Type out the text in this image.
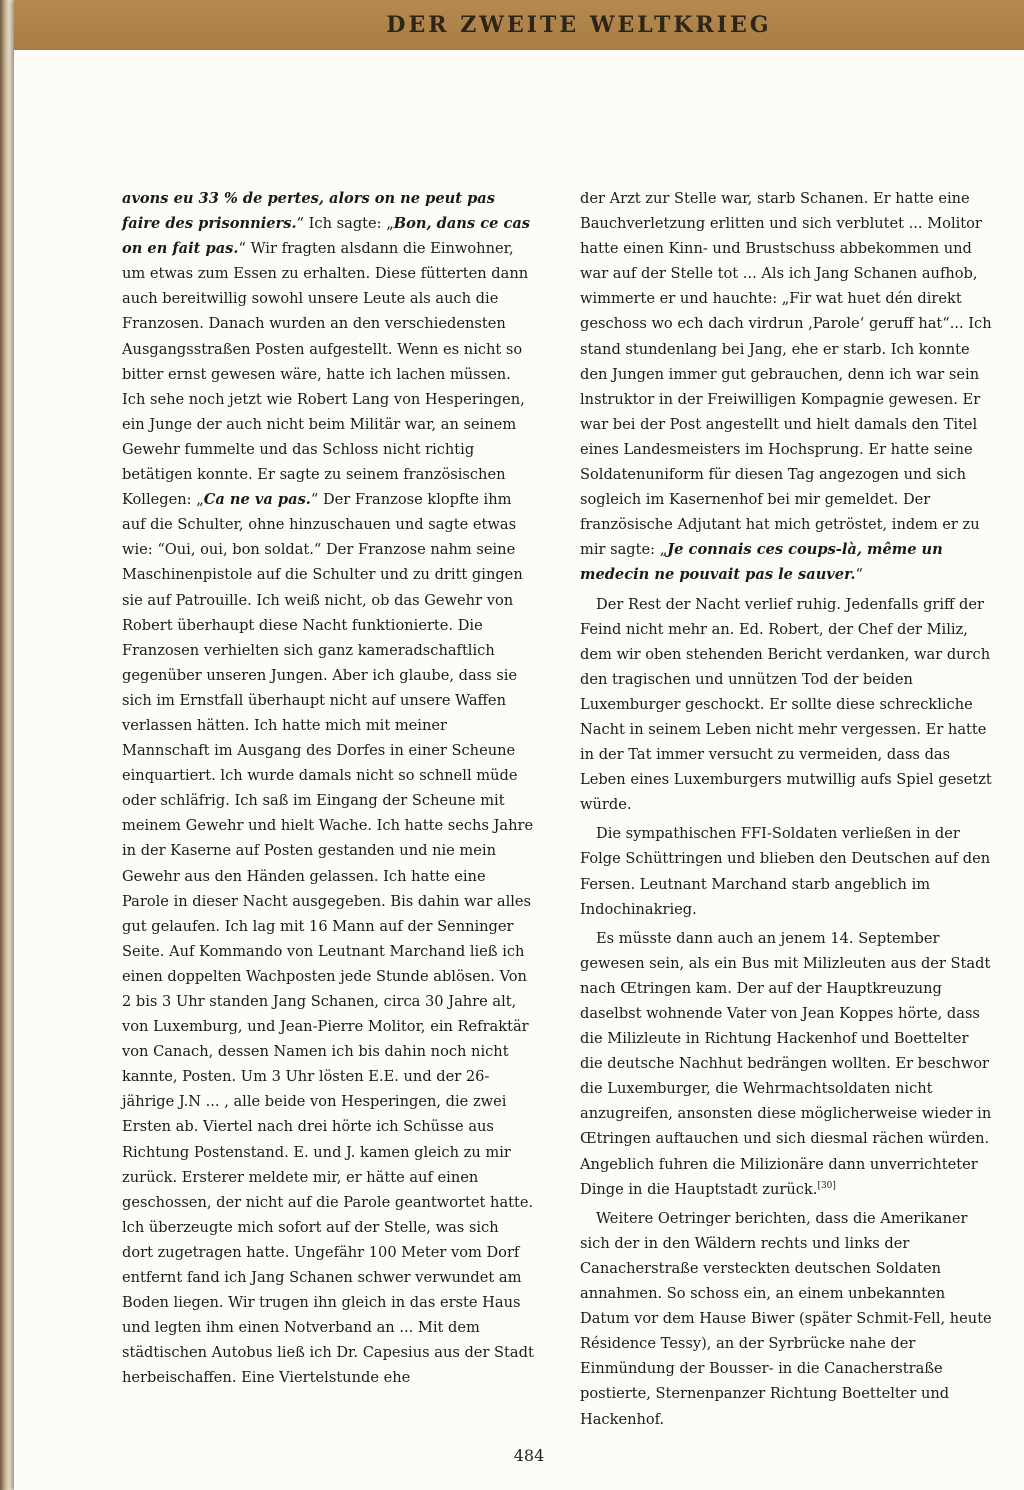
DER ZWEITE WELTKRIEG

avons eu 33 % de pertes, alors on ne peut pas faire des prisonniers.“ Ich sagte: „Bon, dans ce cas on en fait pas.“ Wir fragten alsdann die Einwohner, um etwas zum Essen zu erhalten. Diese fütterten dann auch bereitwillig sowohl unsere Leute als auch die Franzosen. Danach wurden an den verschiedensten Ausgangsstraßen Posten aufgestellt. Wenn es nicht so bitter ernst gewesen wäre, hatte ich lachen müssen. Ich sehe noch jetzt wie Robert Lang von Hesperingen, ein Junge der auch nicht beim Militär war, an seinem Gewehr fummelte und das Schloss nicht richtig betätigen konnte. Er sagte zu seinem französischen Kollegen: „Ca ne va pas.“ Der Franzose klopfte ihm auf die Schulter, ohne hinzuschauen und sagte etwas wie: “Oui, oui, bon soldat.“ Der Franzose nahm seine Maschinenpistole auf die Schulter und zu dritt gingen sie auf Patrouille. Ich weiß nicht, ob das Gewehr von Robert überhaupt diese Nacht funktionierte. Die Franzosen verhielten sich ganz kameradschaftlich gegenüber unseren Jungen. Aber ich glaube, dass sie sich im Ernstfall überhaupt nicht auf unsere Waffen verlassen hätten. Ich hatte mich mit meiner Mannschaft im Ausgang des Dorfes in einer Scheune einquartiert. lch wurde damals nicht so schnell müde oder schläfrig. Ich saß im Eingang der Scheune mit meinem Gewehr und hielt Wache. Ich hatte sechs Jahre in der Kaserne auf Posten gestanden und nie mein Gewehr aus den Händen gelassen. Ich hatte eine Parole in dieser Nacht ausgegeben. Bis dahin war alles gut gelaufen. Ich lag mit 16 Mann auf der Senninger Seite. Auf Kommando von Leutnant Marchand ließ ich einen doppelten Wachposten jede Stunde ablösen. Von 2 bis 3 Uhr standen Jang Schanen, circa 30 Jahre alt, von Luxemburg, und Jean-Pierre Molitor, ein Refraktär von Canach, dessen Namen ich bis dahin noch nicht kannte, Posten. Um 3 Uhr lösten E.E. und der 26- jährige J.N ... , alle beide von Hesperingen, die zwei Ersten ab. Viertel nach drei hörte ich Schüsse aus Richtung Postenstand. E. und J. kamen gleich zu mir zurück. Ersterer meldete mir, er hätte auf einen geschossen, der nicht auf die Parole geantwortet hatte. lch überzeugte mich sofort auf der Stelle, was sich dort zugetragen hatte. Ungefähr 100 Meter vom Dorf entfernt fand ich Jang Schanen schwer verwundet am Boden liegen. Wir trugen ihn gleich in das erste Haus und legten ihm einen Notverband an ... Mit dem städtischen Autobus ließ ich Dr. Capesius aus der Stadt herbeischaffen. Eine Viertelstunde ehe

der Arzt zur Stelle war, starb Schanen. Er hatte eine Bauchverletzung erlitten und sich verblutet ... Molitor hatte einen Kinn- und Brustschuss abbekommen und war auf der Stelle tot ... Als ich Jang Schanen aufhob, wimmerte er und hauchte: „Fir wat huet dén direkt geschoss wo ech dach virdrun ‚Parole‘ geruff hat“... Ich stand stundenlang bei Jang, ehe er starb. Ich konnte den Jungen immer gut gebrauchen, denn ich war sein lnstruktor in der Freiwilligen Kompagnie gewesen. Er war bei der Post angestellt und hielt damals den Titel eines Landesmeisters im Hochsprung. Er hatte seine Soldatenuniform für diesen Tag angezogen und sich sogleich im Kasernenhof bei mir gemeldet. Der französische Adjutant hat mich getröstet, indem er zu mir sagte: „Je connais ces coups-là, même un medecin ne pouvait pas le sauver.“

Der Rest der Nacht verlief ruhig. Jedenfalls griff der Feind nicht mehr an. Ed. Robert, der Chef der Miliz, dem wir oben stehenden Bericht verdanken, war durch den tragischen und unnützen Tod der beiden Luxemburger geschockt. Er sollte diese schreckliche Nacht in seinem Leben nicht mehr vergessen. Er hatte in der Tat immer versucht zu vermeiden, dass das Leben eines Luxemburgers mutwillig aufs Spiel gesetzt würde.

Die sympathischen FFI-Soldaten verließen in der Folge Schüttringen und blieben den Deutschen auf den Fersen. Leutnant Marchand starb angeblich im Indochinakrieg.

Es müsste dann auch an jenem 14. September gewesen sein, als ein Bus mit Milizleuten aus der Stadt nach Œtringen kam. Der auf der Hauptkreuzung daselbst wohnende Vater von Jean Koppes hörte, dass die Milizleute in Richtung Hackenhof und Boettelter die deutsche Nachhut bedrängen wollten. Er beschwor die Luxemburger, die Wehrmachtsoldaten nicht anzugreifen, ansonsten diese möglicherweise wieder in Œtringen auftauchen und sich diesmal rächen würden. Angeblich fuhren die Milizionäre dann unverrichteter Dinge in die Hauptstadt zurück.[30]

Weitere Oetringer berichten, dass die Amerikaner sich der in den Wäldern rechts und links der Canacherstraße versteckten deutschen Soldaten annahmen. So schoss ein, an einem unbekannten Datum vor dem Hause Biwer (später Schmit-Fell, heute Résidence Tessy), an der Syrbrücke nahe der Einmündung der Bousser- in die Canacherstraße postierte, Sternenpanzer Richtung Boettelter und Hackenhof.

484
